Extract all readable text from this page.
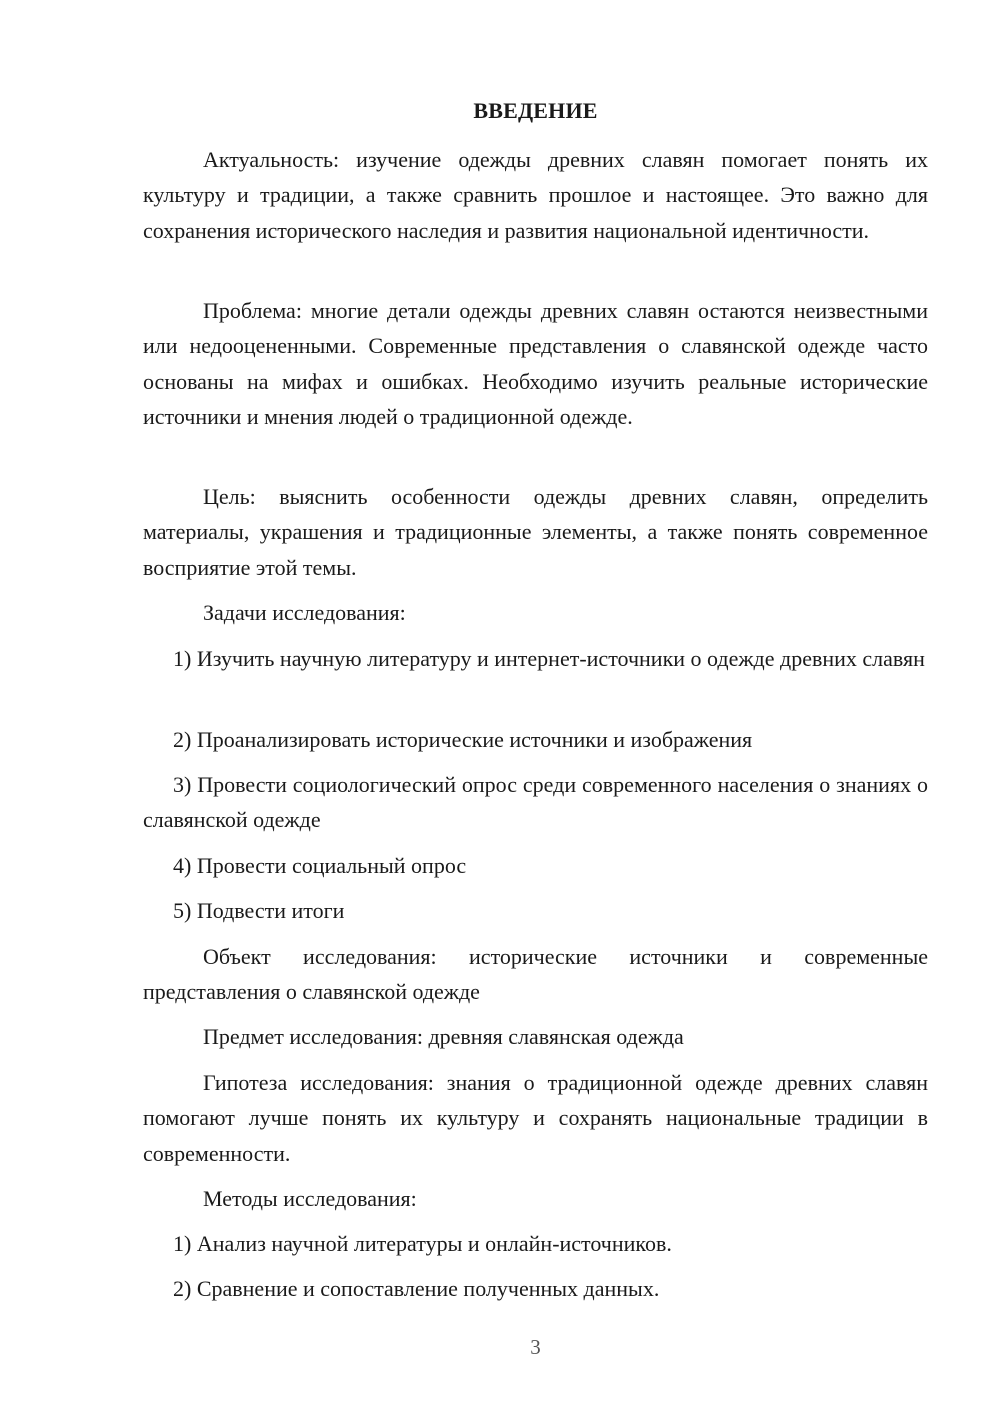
ВВЕДЕНИЕ
Актуальность: изучение одежды древних славян помогает понять их культуру и традиции, а также сравнить прошлое и настоящее. Это важно для сохранения исторического наследия и развития национальной идентичности.
Проблема: многие детали одежды древних славян остаются неизвестными или недооцененными. Современные представления о славянской одежде часто основаны на мифах и ошибках. Необходимо изучить реальные исторические источники и мнения людей о традиционной одежде.
Цель: выяснить особенности одежды древних славян, определить материалы, украшения и традиционные элементы, а также понять современное восприятие этой темы.
Задачи исследования:
1) Изучить научную литературу и интернет-источники о одежде древних славян
2) Проанализировать исторические источники и изображения
3) Провести социологический опрос среди современного населения о знаниях о славянской одежде
4) Провести социальный опрос
5) Подвести итоги
Объект исследования: исторические источники и современные представления о славянской одежде
Предмет исследования: древняя славянская одежда
Гипотеза исследования: знания о традиционной одежде древних славян помогают лучше понять их культуру и сохранять национальные традиции в современности.
Методы исследования:
1) Анализ научной литературы и онлайн-источников.
2) Сравнение и сопоставление полученных данных.
3
